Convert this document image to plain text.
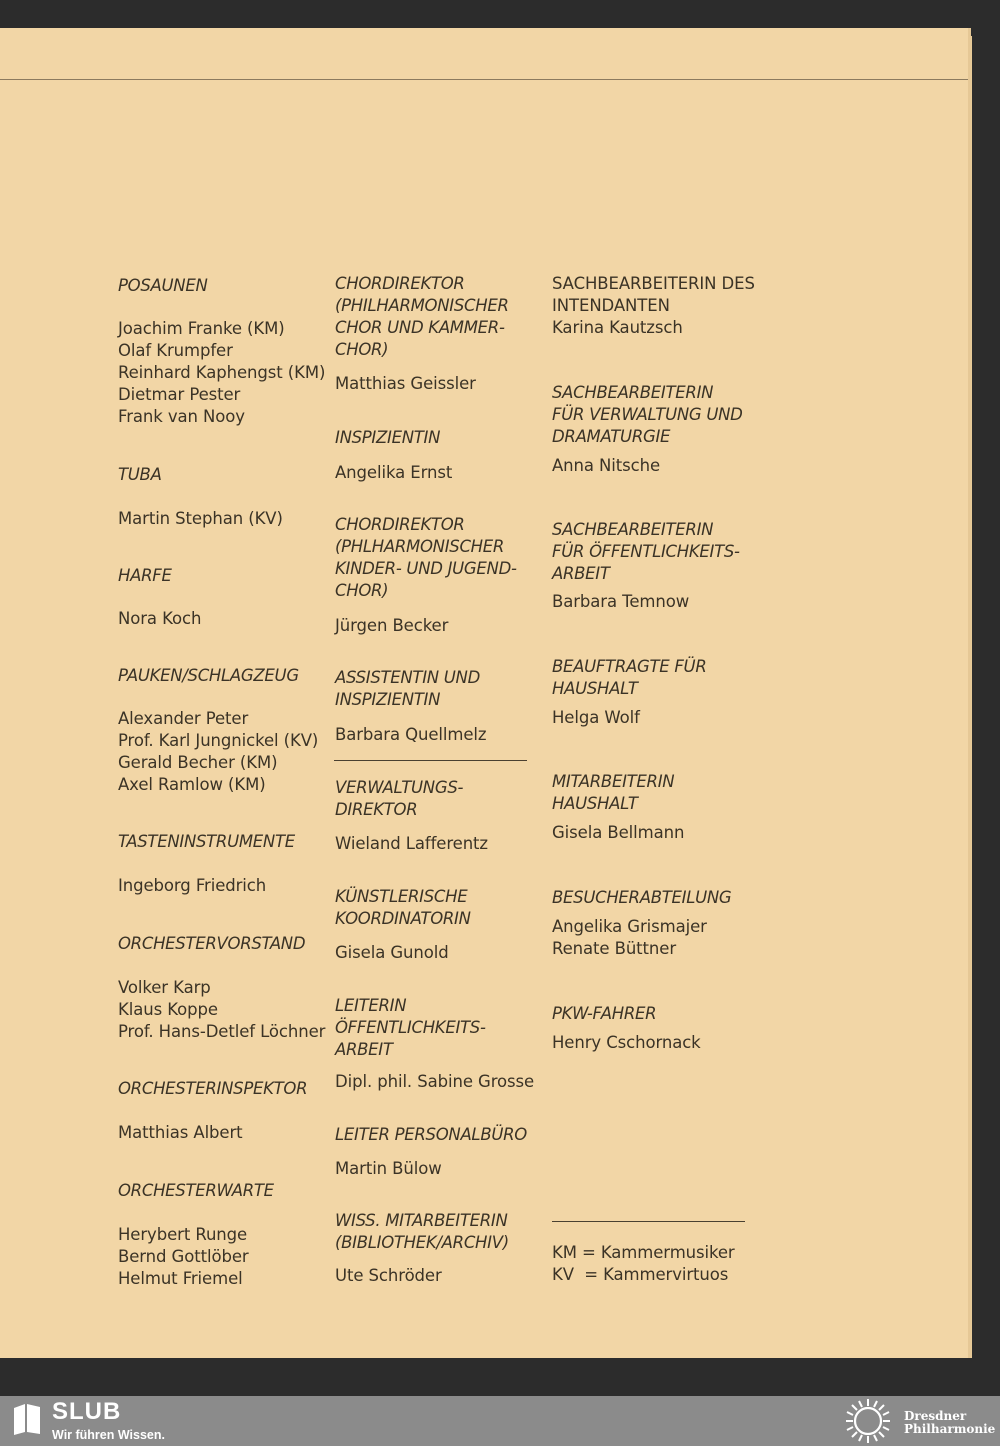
POSAUNEN

Joachim Franke (KM)

Olaf Krumpfer

Reinhard Kaphengst (KM)

Dietmar Pester

Frank van Nooy

TUBA

Martin Stephan (KV)

HARFE

Nora Koch

PAUKEN/SCHLAGZEUG

Alexander Peter

Prof. Karl Jungnickel (KV)

Gerald Becher (KM)

Axel Ramlow (KM)

TASTENINSTRUMENTE

Ingeborg Friedrich

ORCHESTERVORSTAND

Volker Karp

Klaus Koppe

Prof. Hans-Detlef Löchner

ORCHESTERINSPEKTOR

Matthias Albert

ORCHESTERWARTE

Herybert Runge

Bernd Gottlöber

Helmut Friemel

CHORDIREKTOR

(PHILHARMONISCHER

CHOR UND KAMMER-

CHOR)

Matthias Geissler

INSPIZIENTIN

Angelika Ernst

CHORDIREKTOR

(PHLHARMONISCHER

KINDER- UND JUGEND-

CHOR)

Jürgen Becker

ASSISTENTIN UND

INSPIZIENTIN

Barbara Quellmelz

VERWALTUNGS-

DIREKTOR

Wieland Lafferentz

KÜNSTLERISCHE

KOORDINATORIN

Gisela Gunold

LEITERIN

ÖFFENTLICHKEITS-

ARBEIT

Dipl. phil. Sabine Grosse

LEITER PERSONALBÜRO

Martin Bülow

WISS. MITARBEITERIN

(BIBLIOTHEK/ARCHIV)

Ute Schröder

SACHBEARBEITERIN DES

INTENDANTEN

Karina Kautzsch

SACHBEARBEITERIN

FÜR VERWALTUNG UND

DRAMATURGIE

Anna Nitsche

SACHBEARBEITERIN

FÜR ÖFFENTLICHKEITS-

ARBEIT

Barbara Temnow

BEAUFTRAGTE FÜR

HAUSHALT

Helga Wolf

MITARBEITERIN

HAUSHALT

Gisela Bellmann

BESUCHERABTEILUNG

Angelika Grismajer

Renate Büttner

PKW-FAHRER

Henry Cschornack

KM = Kammermusiker

KV  = Kammervirtuos

SLUB
Wir führen Wissen.
Dresdner
Philharmonie
